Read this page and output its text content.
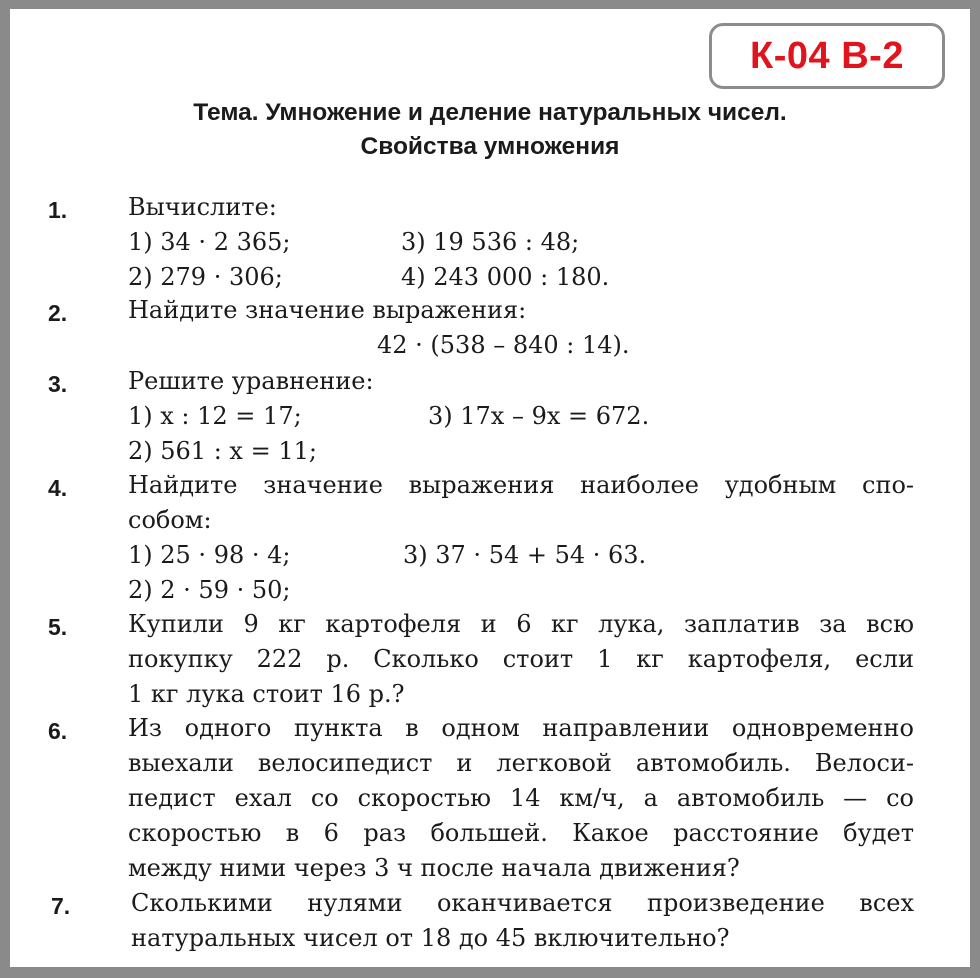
К-04 В-2
Тема. Умножение и деление натуральных чисел.
Свойства умножения
1.	Вычислите:
1) 34 · 2 365;	3) 19 536 : 48;
2) 279 · 306;	4) 243 000 : 180.
2.	Найдите значение выражения:
42 · (538 – 840 : 14).
3.	Решите уравнение:
1) x : 12 = 17;	3) 17x – 9x = 672.
2) 561 : x = 11;
4.	Найдите значение выражения наиболее удобным спо-
собом:
1) 25 · 98 · 4;	3) 37 · 54 + 54 · 63.
2) 2 · 59 · 50;
5.	Купили 9 кг картофеля и 6 кг лука, заплатив за всю
покупку 222 р. Сколько стоит 1 кг картофеля, если
1 кг лука стоит 16 р.?
6.	Из одного пункта в одном направлении одновременно
выехали велосипедист и легковой автомобиль. Велоси-
педист ехал со скоростью 14 км/ч, а автомобиль — со
скоростью в 6 раз большей. Какое расстояние будет
между ними через 3 ч после начала движения?
7.	Сколькими нулями оканчивается произведение всех
натуральных чисел от 18 до 45 включительно?
